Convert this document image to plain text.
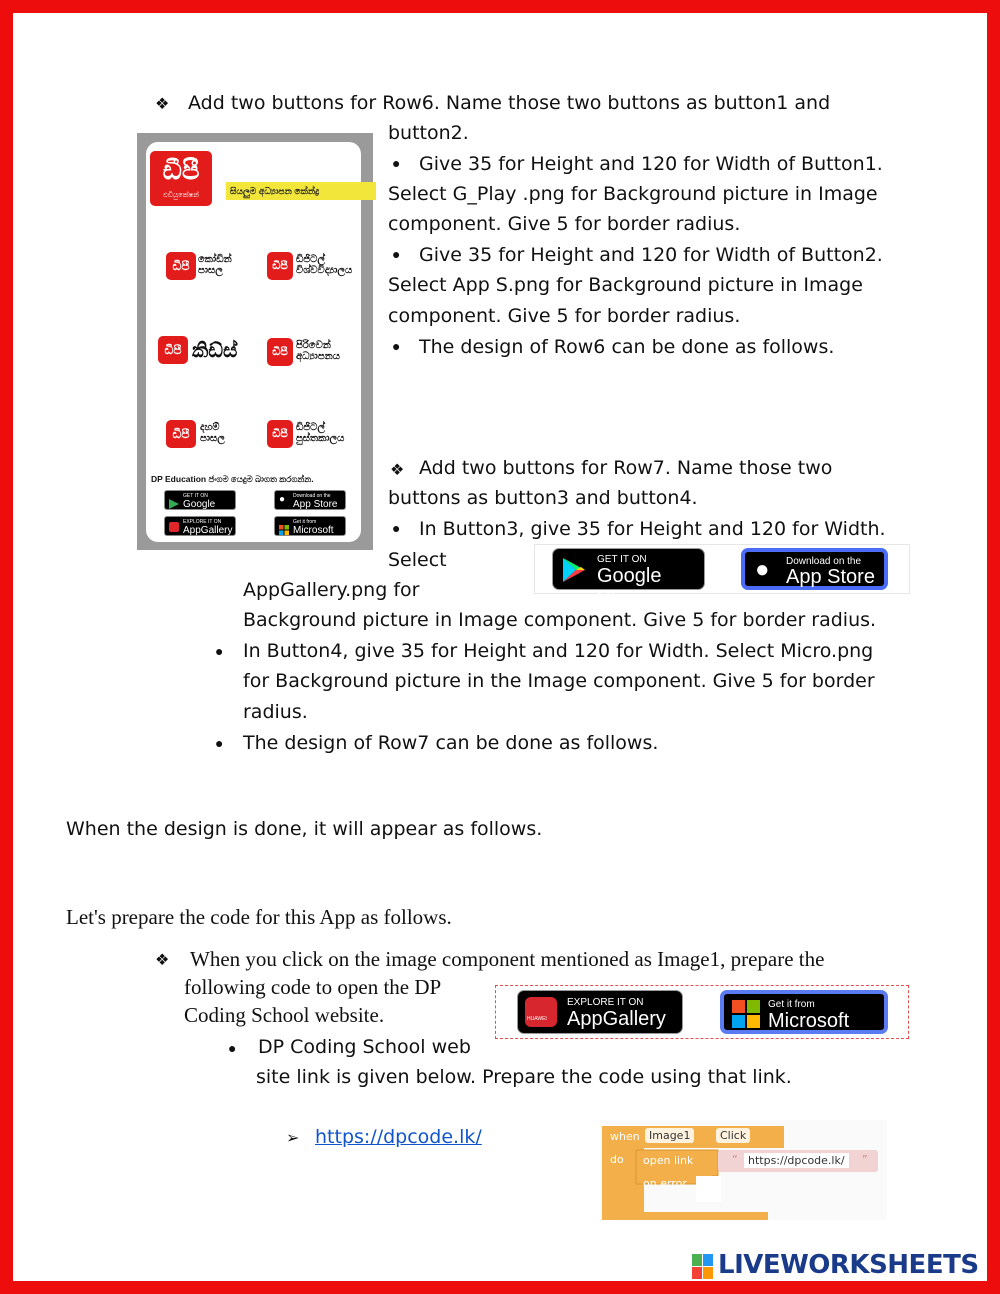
❖ Add two buttons for Row6. Name those two buttons as button1 and
button2.
● Give 35 for Height and 120 for Width of Button1.
Select G_Play .png for Background picture in Image
component. Give 5 for border radius.
● Give 35 for Height and 120 for Width of Button2.
Select App S.png for Background picture in Image
component. Give 5 for border radius.
● The design of Row6 can be done as follows.
ඩීපී
එඩියුකේෂන්	සියලුම අධ්‍යාපන කේන්ද්‍ර
ඩීපී කෝඩින්
පාසල	ඩීපී ඩිජිටල්
විශ්වවිද්‍යාලය
ඩීපී කිඩ්ස්	ඩීපී පිරිවෙන්
අධ්‍යාපනය
ඩීපී	දහම්
පාසල	ඩීපී ඩිජිටල්
පුස්තකාලය
DP Education ජංගම යෙදුම බාගත කරගන්න.
GET IT ON
Google	●	Download on the
App Store
EXPLORE IT ON
AppGallery
Get it from
Microsoft
❖ Add two buttons for Row7. Name those two
buttons as button3 and button4.
● In Button3, give 35 for Height and 120 for Width.
Select	GET IT ON
Google Play
● Download on the
App Store
AppGallery.png for
Background picture in Image component. Give 5 for border radius.
● In Button4, give 35 for Height and 120 for Width. Select Micro.png
for Background picture in the Image component. Give 5 for border
radius.
● The design of Row7 can be done as follows.
When the design is done, it will appear as follows.
Let's prepare the code for this App as follows.
❖ When you click on the image component mentioned as Image1, prepare the
following code to open the DP
Coding School website.	HUAWEI
EXPLORE IT ON
AppGallery
Get it from
Microsoft
● DP Coding School web
site link is given below. Prepare the code using that link.
➢ https://dpcode.lk/	when Image1	Click
do open link
on error
“ https://dpcode.lk/	”
LIVEWORKSHEETS
